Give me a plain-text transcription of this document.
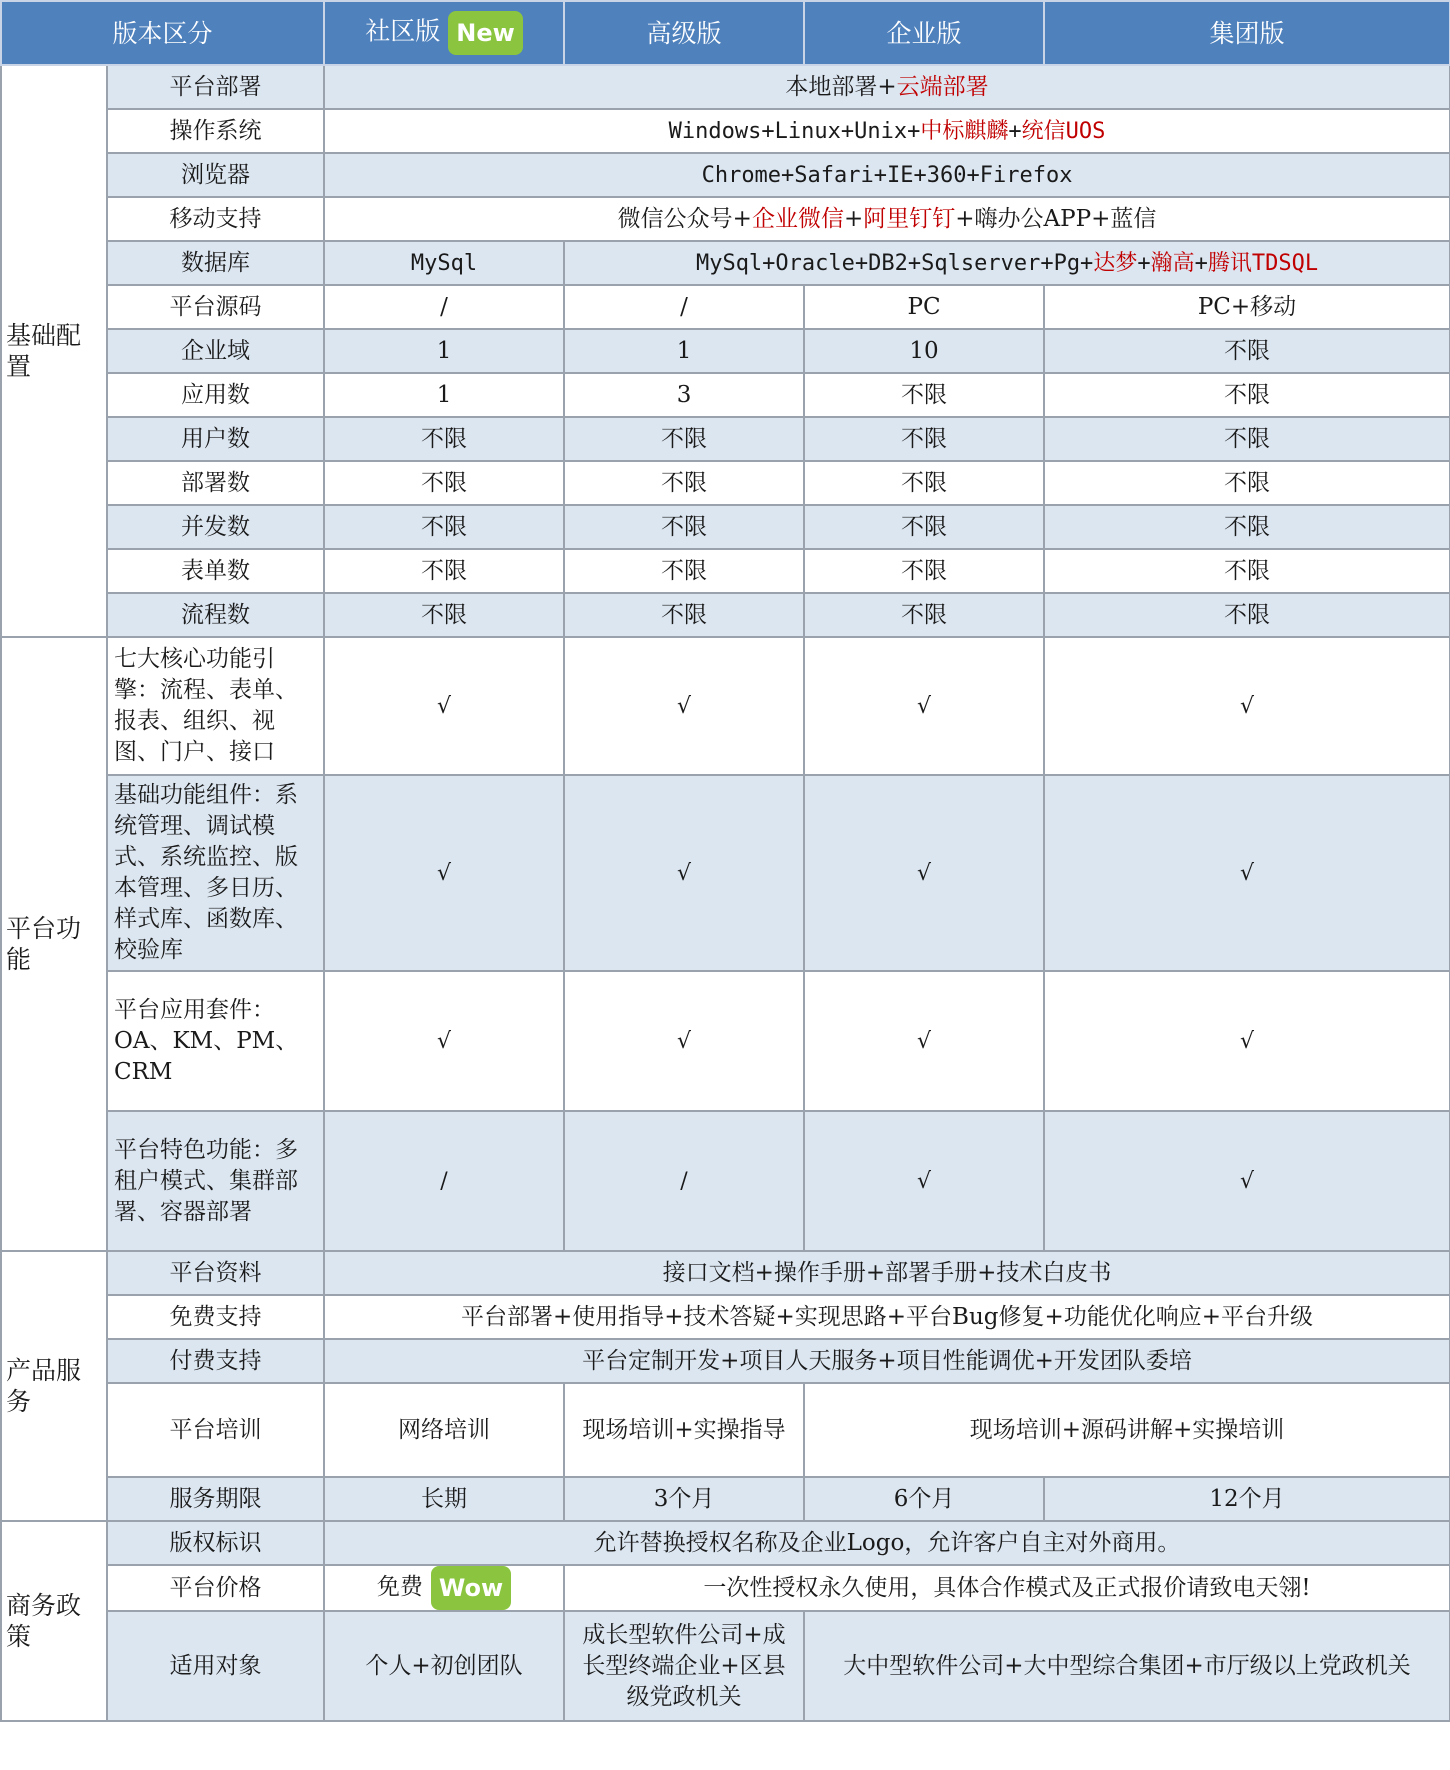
版本区分		社区版 New	高级版	企业版	集团版
基础配置	平台部署	本地部署+云端部署			
	操作系统	Windows+Linux+Unix+中标麒麟+统信UOS			
	浏览器	Chrome+Safari+IE+360+Firefox			
	移动支持	微信公众号+企业微信+阿里钉钉+嗨办公APP+蓝信			
	数据库	MySql	MySql+Oracle+DB2+Sqlserver+Pg+达梦+瀚高+腾讯TDSQL		
	平台源码	/	/	PC	PC+移动
	企业域	1	1	10	不限
	应用数	1	3	不限	不限
	用户数	不限	不限	不限	不限
	部署数	不限	不限	不限	不限
	并发数	不限	不限	不限	不限
	表单数	不限	不限	不限	不限
	流程数	不限	不限	不限	不限
平台功能	七大核心功能引擎：流程、表单、报表、组织、视图、门户、接口	√	√	√	√
	基础功能组件：系统管理、调试模式、系统监控、版本管理、多日历、样式库、函数库、校验库	√	√	√	√
	平台应用套件：OA、KM、PM、CRM	√	√	√	√
	平台特色功能：多租户模式、集群部署、容器部署	/	/	√	√
产品服务	平台资料	接口文档+操作手册+部署手册+技术白皮书			
	免费支持	平台部署+使用指导+技术答疑+实现思路+平台Bug修复+功能优化响应+平台升级			
	付费支持	平台定制开发+项目人天服务+项目性能调优+开发团队委培			
	平台培训	网络培训	现场培训+实操指导	现场培训+源码讲解+实操培训	
	服务期限	长期	3个月	6个月	12个月
商务政策	版权标识	允许替换授权名称及企业Logo，允许客户自主对外商用。			
	平台价格	免费 Wow	一次性授权永久使用，具体合作模式及正式报价请致电天翎!		
	适用对象	个人+初创团队	成长型软件公司+成长型终端企业+区县级党政机关	大中型软件公司+大中型综合集团+市厅级以上党政机关	
